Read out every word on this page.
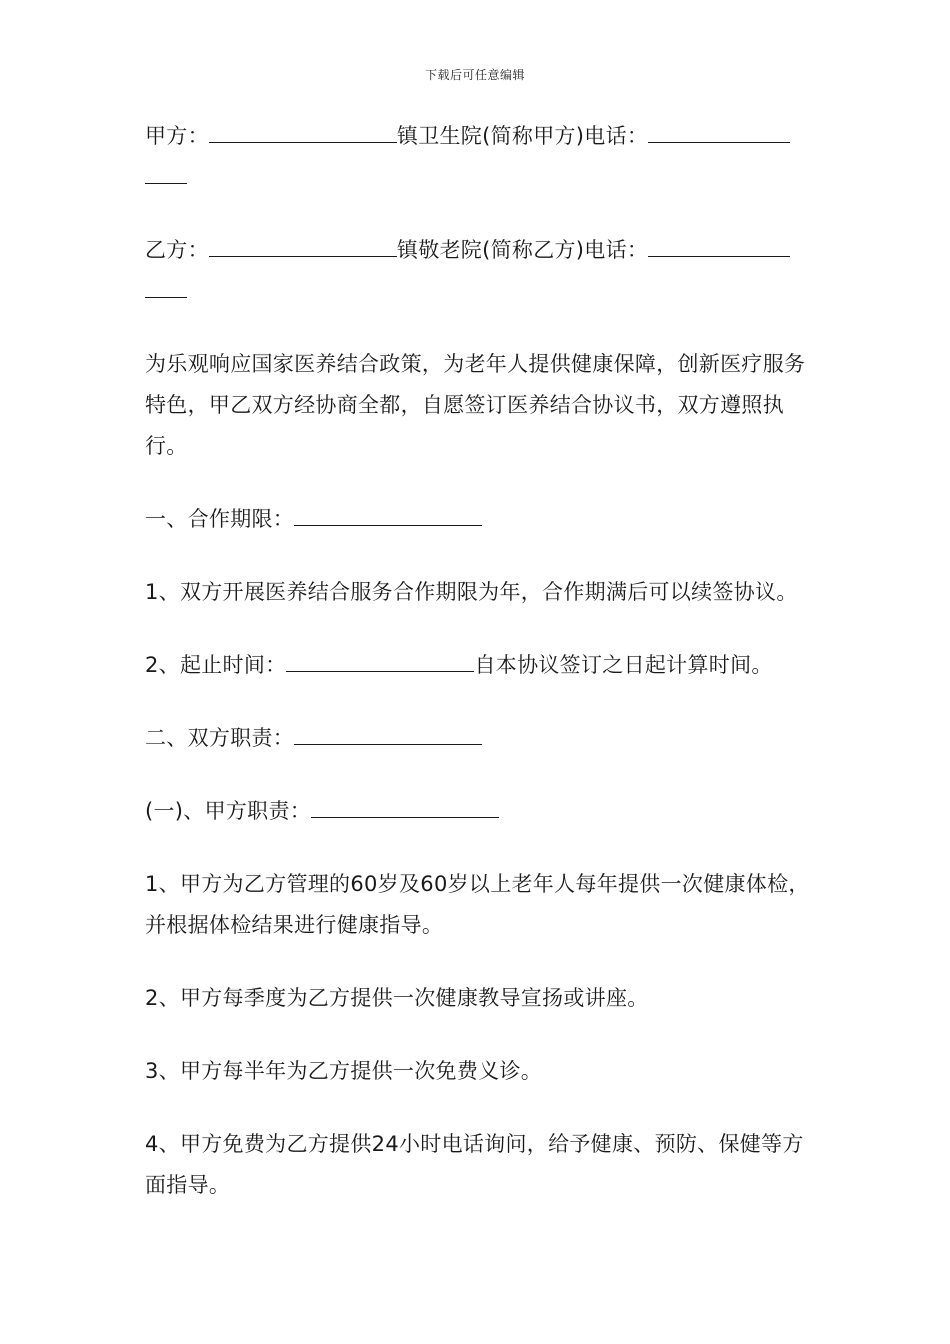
下载后可任意编辑

甲方：	镇卫生院(简称甲方)电话：

乙方：	镇敬老院(简称乙方)电话：

为乐观响应国家医养结合政策，为老年人提供健康保障，创新医疗服务特色，甲乙双方经协商全都，自愿签订医养结合协议书，双方遵照执行。

一、合作期限：

1、双方开展医养结合服务合作期限为年，合作期满后可以续签协议。

2、起止时间：	自本协议签订之日起计算时间。

二、双方职责：

(一)、甲方职责：

1、甲方为乙方管理的60岁及60岁以上老年人每年提供一次健康体检，并根据体检结果进行健康指导。

2、甲方每季度为乙方提供一次健康教导宣扬或讲座。

3、甲方每半年为乙方提供一次免费义诊。

4、甲方免费为乙方提供24小时电话询问，给予健康、预防、保健等方面指导。
